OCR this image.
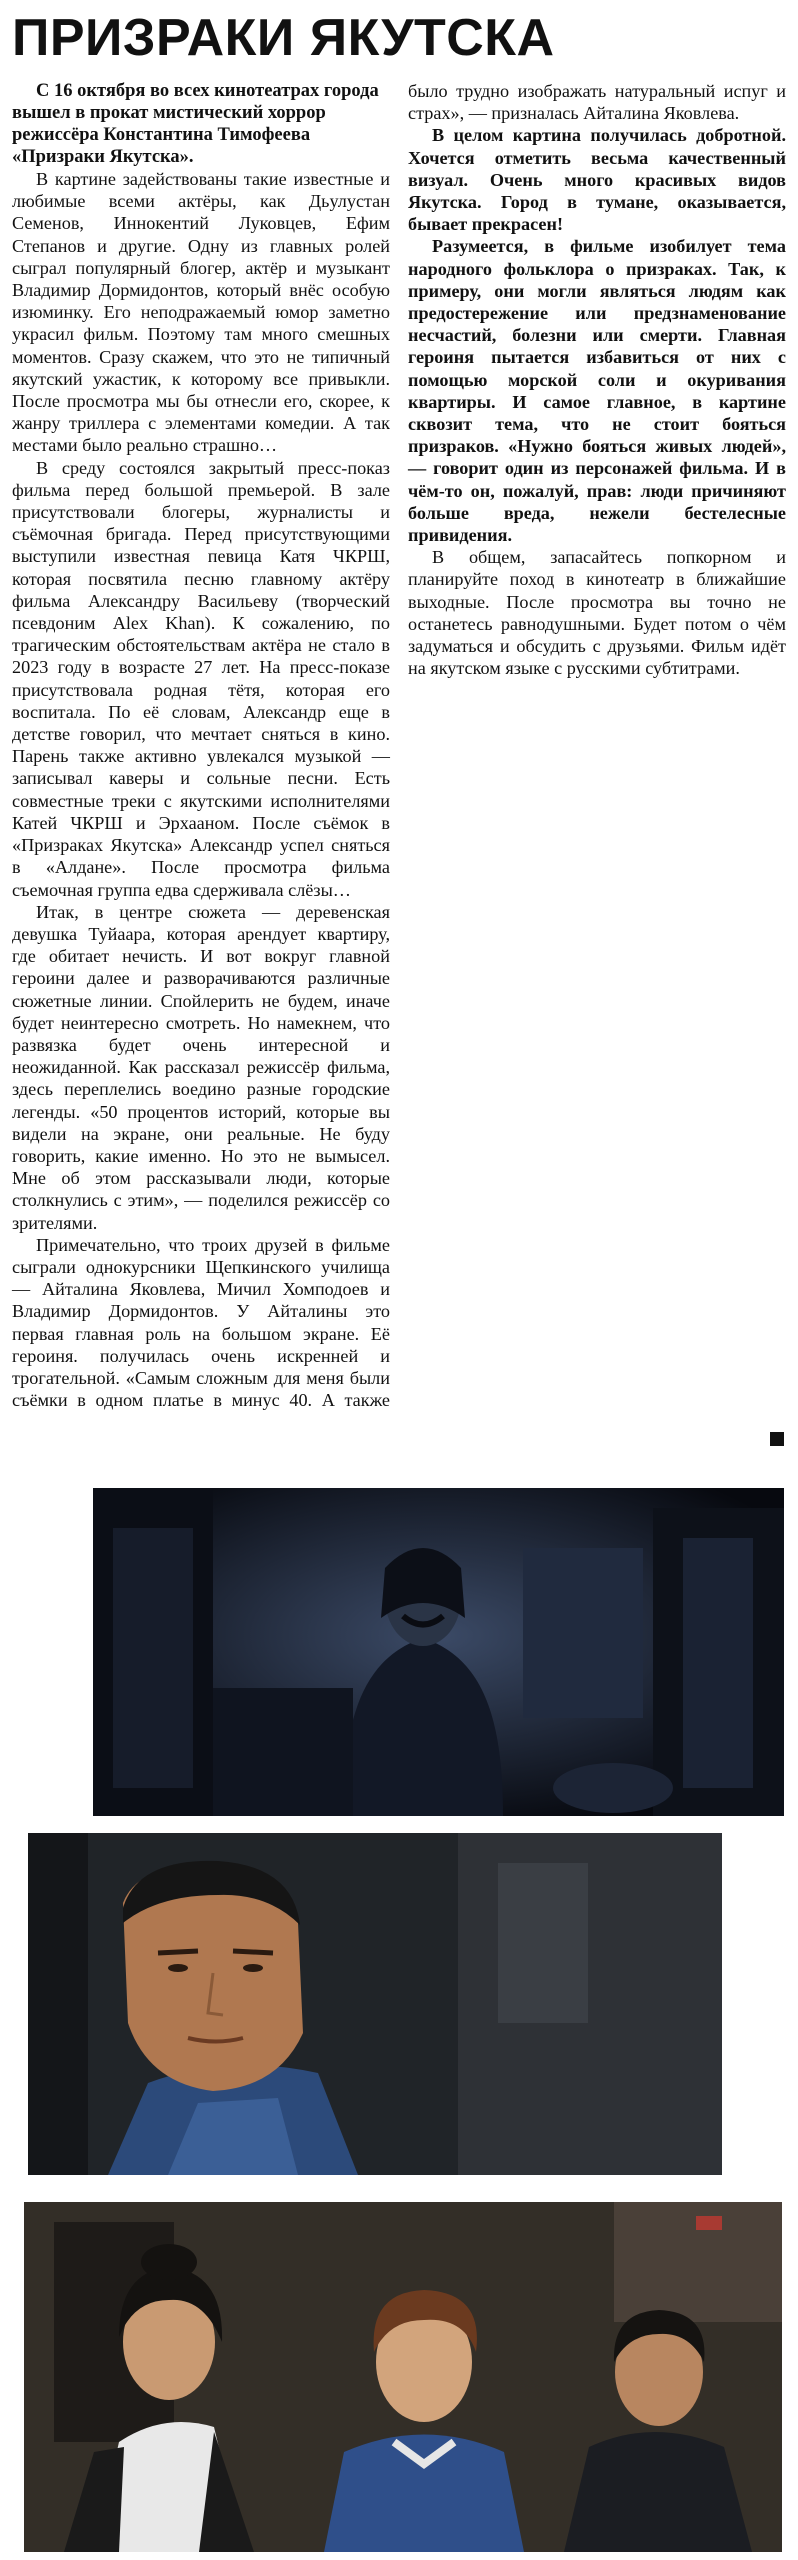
ПРИЗРАКИ ЯКУТСКА

С 16 октября во всех кинотеатрах города вышел в прокат мистический хоррор режиссёра Константина Тимофеева «Призраки Якутска».

В картине задействованы такие известные и любимые всеми актёры, как Дьулустан Семенов, Иннокентий Луковцев, Ефим Степанов и другие. Одну из главных ролей сыграл популярный блогер, актёр и музыкант Владимир Дормидонтов, который внёс особую изюминку. Его неподражаемый юмор заметно украсил фильм. Поэтому там много смешных моментов. Сразу скажем, что это не типичный якутский ужастик, к которому все привыкли. После просмотра мы бы отнесли его, скорее, к жанру триллера с элементами комедии. А так местами было реально страшно…

В среду состоялся закрытый пресс-показ фильма перед большой премьерой. В зале присутствовали блогеры, журналисты и съёмочная бригада. Перед присутствующими выступили известная певица Катя ЧКРШ, которая посвятила песню главному актёру фильма Александру Васильеву (творческий псевдоним Alex Khan). К сожалению, по трагическим обстоятельствам актёра не стало в 2023 году в возрасте 27 лет. На пресс-показе присутствовала родная тётя, которая его воспитала. По её словам, Александр еще в детстве говорил, что мечтает сняться в кино. Парень также активно увлекался музыкой — записывал каверы и сольные песни. Есть совместные треки с якутскими исполнителями Катей ЧКРШ и Эрхааном. После съёмок в «Призраках Якутска» Александр успел сняться в «Алдане». После просмотра фильма съемочная группа едва сдерживала слёзы…

Итак, в центре сюжета — деревенская девушка Туйаара, которая арендует квартиру, где обитает нечисть. И вот вокруг главной героини далее и разворачиваются различные сюжетные линии. Спойлерить не будем, иначе будет неинтересно смотреть. Но намекнем, что развязка будет очень интересной и неожиданной. Как рассказал режиссёр фильма, здесь переплелись воедино разные городские легенды. «50 процентов историй, которые вы видели на экране, они реальные. Не буду говорить, какие именно. Но это не вымысел. Мне об этом рассказывали люди, которые столкнулись с этим», — поделился режиссёр со зрителями.

Примечательно, что троих друзей в фильме сыграли однокурсники Щепкинского училища — Айталина Яковлева, Мичил Хомподоев и Владимир Дормидонтов. У Айталины это первая главная роль на большом экране. Её героиня. получилась очень искренней и трогательной. «Самым сложным для меня были съёмки в одном платье в минус 40. А также было трудно изображать натуральный испуг и страх», — призналась Айталина Яковлева.

В целом картина получилась добротной. Хочется отметить весьма качественный визуал. Очень много красивых видов Якутска. Город в тумане, оказывается, бывает прекрасен!

Разумеется, в фильме изобилует тема народного фольклора о призраках. Так, к примеру, они могли являться людям как предостережение или предзнаменование несчастий, болезни или смерти. Главная героиня пытается избавиться от них с помощью морской соли и окуривания квартиры. И самое главное, в картине сквозит тема, что не стоит бояться призраков. «Нужно бояться живых людей», — говорит один из персонажей фильма. И в чём-то он, пожалуй, прав: люди причиняют больше вреда, нежели бестелесные привидения.

В общем, запасайтесь попкорном и планируйте поход в кинотеатр в ближайшие выходные. После просмотра вы точно не останетесь равнодушными. Будет потом о чём задуматься и обсудить с друзьями. Фильм идёт на якутском языке с русскими субтитрами.
